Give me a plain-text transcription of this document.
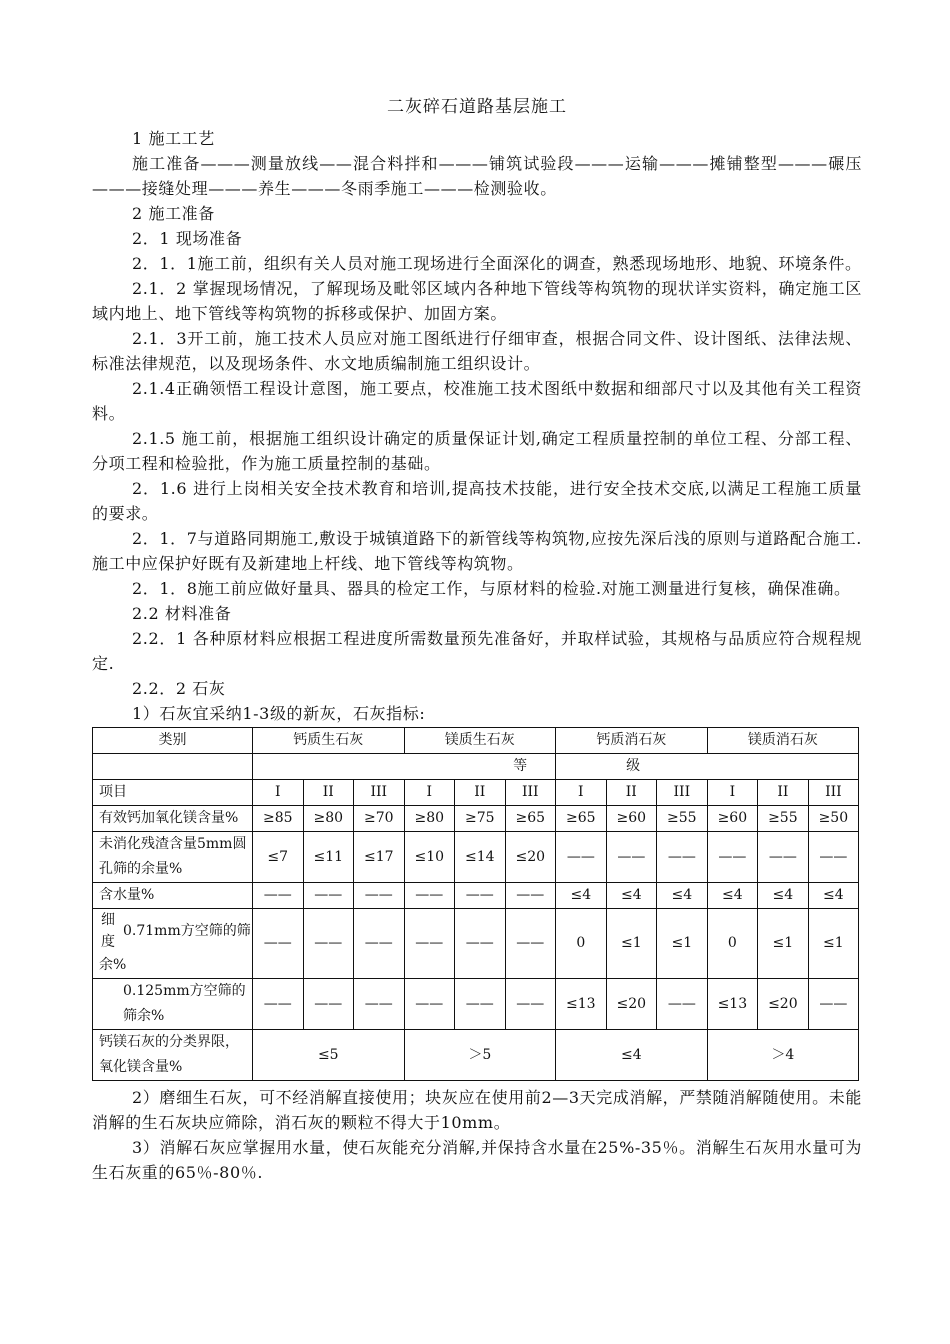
二灰碎石道路基层施工

1 施工工艺

施工准备———测量放线——混合料拌和———铺筑试验段———运输———摊铺整型———碾压———接缝处理———养生———冬雨季施工———检测验收。

2 施工准备

2．1 现场准备

2．1．1施工前，组织有关人员对施工现场进行全面深化的调查，熟悉现场地形、地貌、环境条件。

2.1．2 掌握现场情况，了解现场及毗邻区域内各种地下管线等构筑物的现状详实资料，确定施工区域内地上、地下管线等构筑物的拆移或保护、加固方案。

2.1．3开工前，施工技术人员应对施工图纸进行仔细审查，根据合同文件、设计图纸、法律法规、标准法律规范，以及现场条件、水文地质编制施工组织设计。

2.1.4正确领悟工程设计意图，施工要点，校准施工技术图纸中数据和细部尺寸以及其他有关工程资料。

2.1.5 施工前，根据施工组织设计确定的质量保证计划,确定工程质量控制的单位工程、分部工程、分项工程和检验批，作为施工质量控制的基础。

2．1.6 进行上岗相关安全技术教育和培训,提高技术技能，进行安全技术交底,以满足工程施工质量的要求。

2．1．7与道路同期施工,敷设于城镇道路下的新管线等构筑物,应按先深后浅的原则与道路配合施工.施工中应保护好既有及新建地上杆线、地下管线等构筑物。

2．1．8施工前应做好量具、器具的检定工作，与原材料的检验.对施工测量进行复核，确保准确。

2.2 材料准备

2.2．1 各种原材料应根据工程进度所需数量预先准备好，并取样试验，其规格与品质应符合规程规定.

2.2．2 石灰

1）石灰宜采纳1-3级的新灰，石灰指标:

类别	钙质生石灰			镁质生石灰			钙质消石灰			镁质消石灰		
	等						级					
项目	I	II	III	I	II	III	I	II	III	I	II	III
有效钙加氧化镁含量%	≥85	≥80	≥70	≥80	≥75	≥65	≥65	≥60	≥55	≥60	≥55	≥50
未消化残渣含量5mm圆孔筛的余量%	≤7	≤11	≤17	≤10	≤14	≤20	——	——	——	——	——	——
含水量%	——	——	——	——	——	——	≤4	≤4	≤4	≤4	≤4	≤4
细度0.71mm方空筛的筛余%	——	——	——	——	——	——	0	≤1	≤1	0	≤1	≤1
0.125mm方空筛的筛余%	——	——	——	——	——	——	≤13	≤20	——	≤13	≤20	——
钙镁石灰的分类界限，氧化镁含量%	≤5			＞5			≤4			＞4		

2）磨细生石灰，可不经消解直接使用；块灰应在使用前2—3天完成消解，严禁随消解随使用。未能消解的生石灰块应筛除，消石灰的颗粒不得大于10mm。

3）消解石灰应掌握用水量，使石灰能充分消解,并保持含水量在25%-35％。消解生石灰用水量可为生石灰重的65％-80％.
